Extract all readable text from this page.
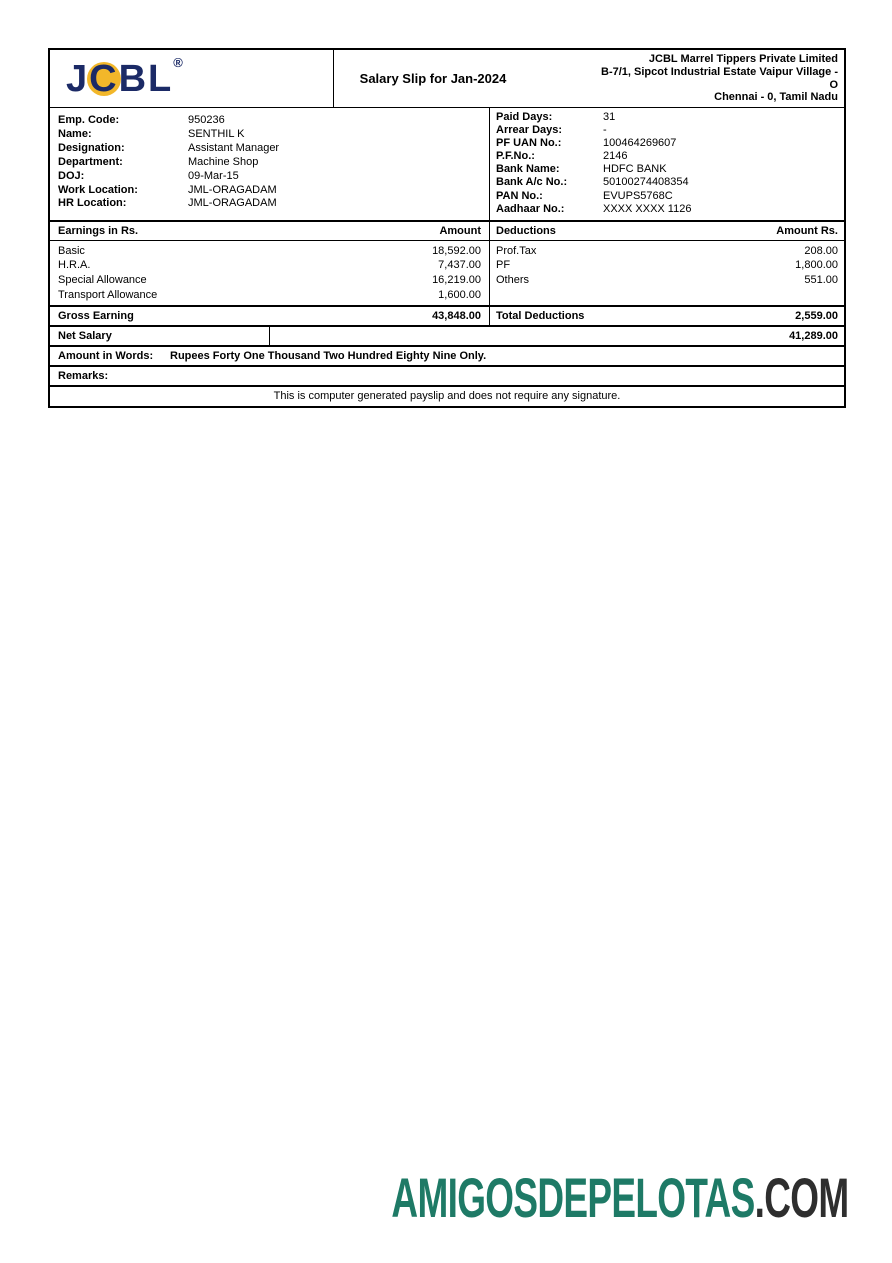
JCBL®
Salary Slip for Jan-2024
JCBL Marrel Tippers Private Limited
B-7/1, Sipcot Industrial Estate Vaipur Village -
O
Chennai - 0, Tamil Nadu
Emp. Code:	950236
Name:	SENTHIL K
Designation:	Assistant Manager
Department:	Machine Shop
DOJ:	09-Mar-15
Work Location:	JML-ORAGADAM
HR Location:	JML-ORAGADAM
Paid Days:	31
Arrear Days:	-
PF UAN No.:	100464269607
P.F.No.:	2146
Bank Name:	HDFC BANK
Bank A/c No.:	50100274408354
PAN No.:	EVUPS5768C
Aadhaar No.:	XXXX XXXX 1126
Earnings in Rs.	Amount Deductions	Amount Rs.
Basic	18,592.00
H.R.A.	7,437.00
Special Allowance	16,219.00
Transport Allowance	1,600.00
Prof.Tax	208.00
PF	1,800.00
Others	551.00
Gross Earning	43,848.00 Total Deductions	2,559.00
Net Salary	41,289.00
Amount in Words:	Rupees Forty One Thousand Two Hundred Eighty Nine Only.
Remarks:
This is computer generated payslip and does not require any signature.
AMIGOSDEPELOTAS.COM
